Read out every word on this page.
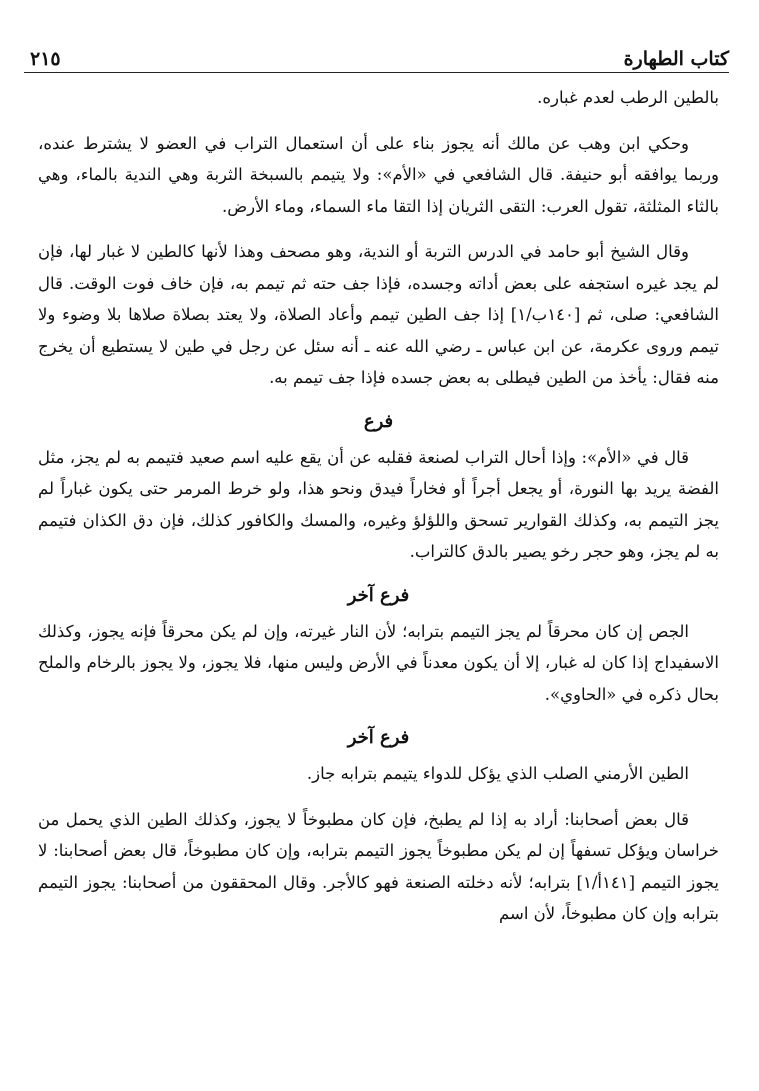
كتاب الطهارة
٢١٥

بالطين الرطب لعدم غباره.

وحكي ابن وهب عن مالك أنه يجوز بناء على أن استعمال التراب في العضو لا يشترط عنده، وربما يوافقه أبو حنيفة. قال الشافعي في «الأم»: ولا يتيمم بالسبخة الثربة وهي الندية بالماء، وهي بالثاء المثلثة، تقول العرب: التقى الثريان إذا التقا ماء السماء، وماء الأرض.

وقال الشيخ أبو حامد في الدرس التربة أو الندية، وهو مصحف وهذا لأنها كالطين لا غبار لها، فإن لم يجد غيره استجفه على بعض أداته وجسده، فإذا جف حته ثم تيمم به، فإن خاف فوت الوقت. قال الشافعي: صلى، ثم [١٤٠ب/١] إذا جف الطين تيمم وأعاد الصلاة، ولا يعتد بصلاة صلاها بلا وضوء ولا تيمم وروى عكرمة، عن ابن عباس ـ رضي الله عنه ـ أنه سئل عن رجل في طين لا يستطيع أن يخرج منه فقال: يأخذ من الطين فيطلى به بعض جسده فإذا جف تيمم به.

فرع

قال في «الأم»: وإذا أحال التراب لصنعة فقلبه عن أن يقع عليه اسم صعيد فتيمم به لم يجز، مثل الفضة يريد بها النورة، أو يجعل أجراً أو فخاراً فيدق ونحو هذا، ولو خرط المرمر حتى يكون غباراً لم يجز التيمم به، وكذلك القوارير تسحق واللؤلؤ وغيره، والمسك والكافور كذلك، فإن دق الكذان فتيمم به لم يجز، وهو حجر رخو يصير بالدق كالتراب.

فرع آخر

الجص إن كان محرقاً لم يجز التيمم بترابه؛ لأن النار غيرته، وإن لم يكن محرقاً فإنه يجوز، وكذلك الاسفيداج إذا كان له غبار، إلا أن يكون معدناً في الأرض وليس منها، فلا يجوز، ولا يجوز بالرخام والملح بحال ذكره في «الحاوي».

فرع آخر

الطين الأرمني الصلب الذي يؤكل للدواء يتيمم بترابه جاز.

قال بعض أصحابنا: أراد به إذا لم يطبخ، فإن كان مطبوخاً لا يجوز، وكذلك الطين الذي يحمل من خراسان ويؤكل تسفهاً إن لم يكن مطبوخاً يجوز التيمم بترابه، وإن كان مطبوخاً، قال بعض أصحابنا: لا يجوز التيمم [١٤١أ/١] بترابه؛ لأنه دخلته الصنعة فهو كالأجر. وقال المحققون من أصحابنا: يجوز التيمم بترابه وإن كان مطبوخاً، لأن اسم
